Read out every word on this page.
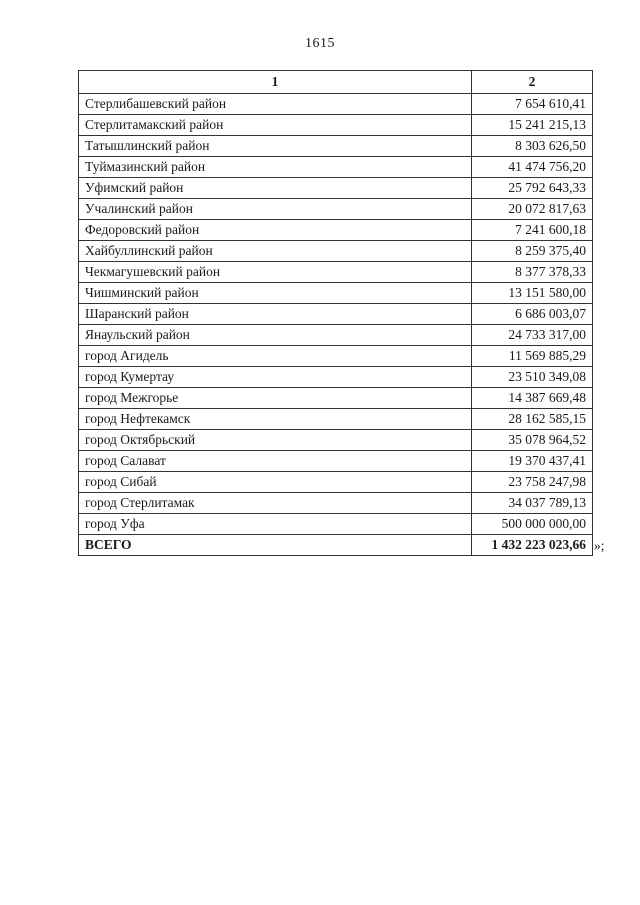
1615
1	2
Стерлибашевский район	7 654 610,41
Стерлитамакский район	15 241 215,13
Татышлинский район	8 303 626,50
Туймазинский район	41 474 756,20
Уфимский район	25 792 643,33
Учалинский район	20 072 817,63
Федоровский район	7 241 600,18
Хайбуллинский район	8 259 375,40
Чекмагушевский район	8 377 378,33
Чишминский район	13 151 580,00
Шаранский район	6 686 003,07
Янаульский район	24 733 317,00
город Агидель	11 569 885,29
город Кумертау	23 510 349,08
город Межгорье	14 387 669,48
город Нефтекамск	28 162 585,15
город Октябрьский	35 078 964,52
город Салават	19 370 437,41
город Сибай	23 758 247,98
город Стерлитамак	34 037 789,13
город Уфа	500 000 000,00
ВСЕГО	1 432 223 023,66 »;
